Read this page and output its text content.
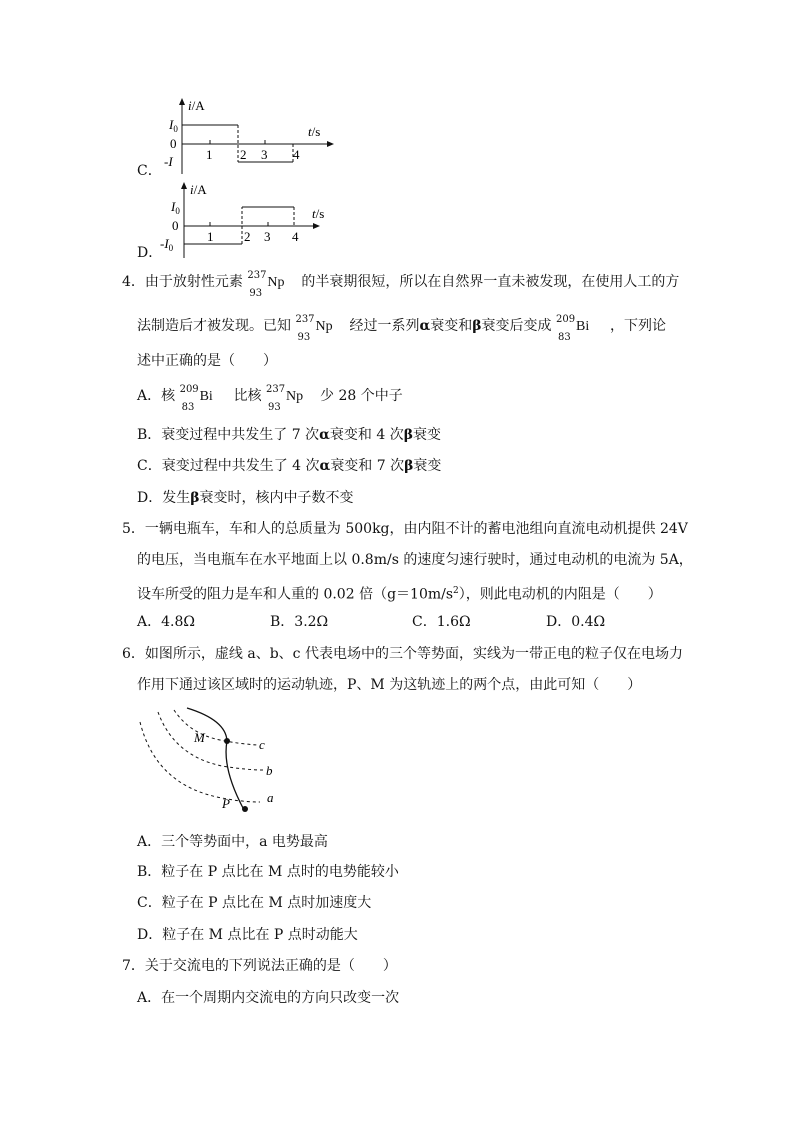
C．
i/A
t/s
$I_0$
0
-I	1 2 3 4
D．
i/A
t/s
$I_0$
0
$-I_0$
1 2 3 4
4．由于放射性元素 237
93
Np 的半衰期很短，所以在自然界一直未被发现，在使用人工的方
法制造后才被发现。已知 237
93
Np 经过一系列α衰变和β衰变后变成 209
83
Bi ，下列论
述中正确的是（　　）
A．核 209
83
Bi 比核 237
93
Np 少 28 个中子
B．衰变过程中共发生了 7 次α衰变和 4 次β衰变
C．衰变过程中共发生了 4 次α衰变和 7 次β衰变
D．发生β衰变时，核内中子数不变
5．一辆电瓶车，车和人的总质量为 500kg，由内阻不计的蓄电池组向直流电动机提供 24V
的电压，当电瓶车在水平地面上以 0.8m/s 的速度匀速行驶时，通过电动机的电流为 5A，
设车所受的阻力是车和人重的 0.02 倍$(g=10m/s^2)$，则此电动机的内阻是（　　）
A．4.8Ω	B．3.2Ω	C．1.6Ω	D．0.4Ω
6．如图所示，虚线 a、b、c 代表电场中的三个等势面，实线为一带正电的粒子仅在电场力
作用下通过该区域时的运动轨迹，P、M 为这轨迹上的两个点，由此可知（　　）
M
P
c
b
a
A．三个等势面中，a 电势最高
B．粒子在 P 点比在 M 点时的电势能较小
C．粒子在 P 点比在 M 点时加速度大
D．粒子在 M 点比在 P 点时动能大
7．关于交流电的下列说法正确的是（　　）
A．在一个周期内交流电的方向只改变一次
